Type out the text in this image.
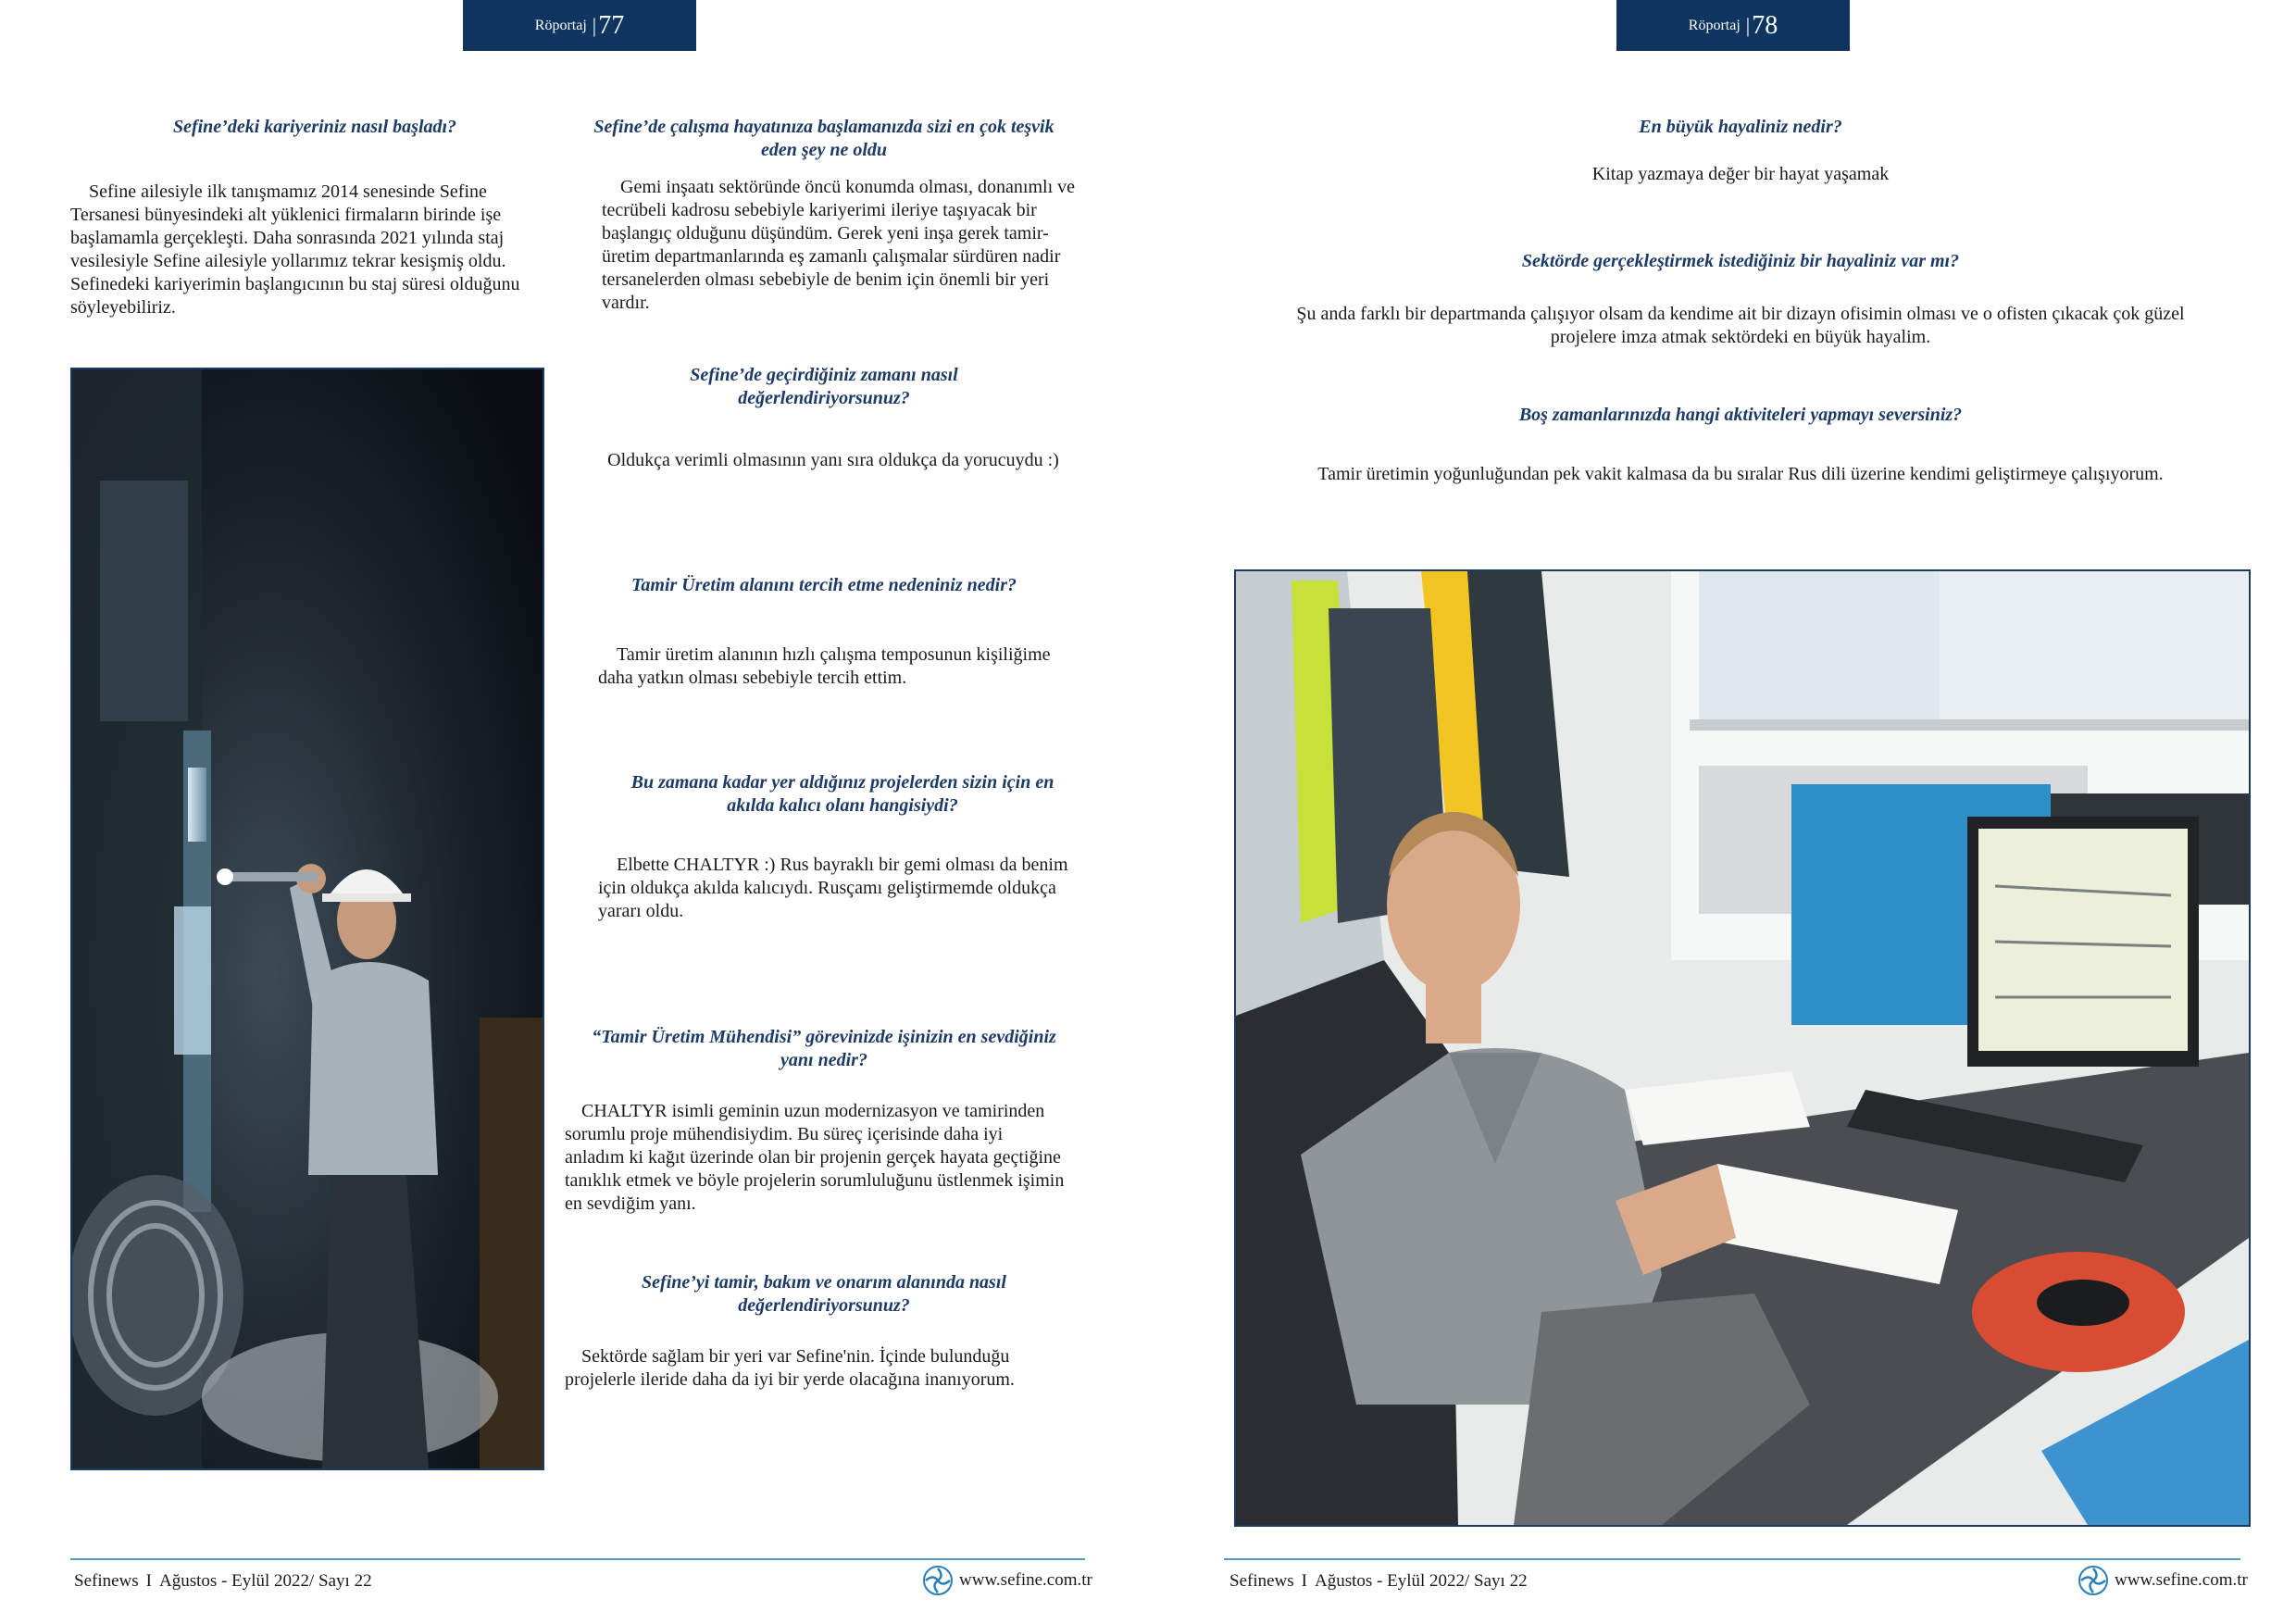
Röportaj | 77

Sefine’deki kariyeriniz nasıl başladı?

Sefine ailesiyle ilk tanışmamız 2014 senesinde Sefine Tersanesi bünyesindeki alt yüklenici firmaların birinde işe başlamamla gerçekleşti. Daha sonrasında 2021 yılında staj vesilesiyle Sefine ailesiyle yollarımız tekrar kesişmiş oldu. Sefinedeki kariyerimin başlangıcının bu staj süresi olduğunu söyleyebiliriz.

Sefine’de çalışma hayatınıza başlamanızda sizi en çok teşvik eden şey ne oldu

Gemi inşaatı sektöründe öncü konumda olması, donanımlı ve tecrübeli kadrosu sebebiyle kariyerimi ileriye taşıyacak bir başlangıç olduğunu düşündüm. Gerek yeni inşa gerek tamir-üretim departmanlarında eş zamanlı çalışmalar sürdüren nadir tersanelerden olması sebebiyle de benim için önemli bir yeri vardır.

Sefine’de geçirdiğiniz zamanı nasıl değerlendiriyorsunuz?

Oldukça verimli olmasının yanı sıra oldukça da yorucuydu :)

Tamir Üretim alanını tercih etme nedeniniz nedir?

Tamir üretim alanının hızlı çalışma temposunun kişiliğime daha yatkın olması sebebiyle tercih ettim.

Bu zamana kadar yer aldığınız projelerden sizin için en akılda kalıcı olanı hangisiydi?

Elbette CHALTYR :) Rus bayraklı bir gemi olması da benim için oldukça akılda kalıcıydı. Rusçamı geliştirmemde oldukça yararı oldu.

“Tamir Üretim Mühendisi” görevinizde işinizin en sevdiğiniz yanı nedir?

CHALTYR isimli geminin uzun modernizasyon ve tamirinden sorumlu proje mühendisiydim. Bu süreç içerisinde daha iyi anladım ki kağıt üzerinde olan bir projenin gerçek hayata geçtiğine tanıklık etmek ve böyle projelerin sorumluluğunu üstlenmek işimin en sevdiğim yanı.

Sefine’yi tamir, bakım ve onarım alanında nasıl değerlendiriyorsunuz?

Sektörde sağlam bir yeri var Sefine'nin. İçinde bulunduğu projelerle ileride daha da iyi bir yerde olacağına inanıyorum.

Sefinews I Ağustos - Eylül 2022/ Sayı 22	www.sefine.com.tr
Röportaj | 78

En büyük hayaliniz nedir?

Kitap yazmaya değer bir hayat yaşamak

Sektörde gerçekleştirmek istediğiniz bir hayaliniz var mı?

Şu anda farklı bir departmanda çalışıyor olsam da kendime ait bir dizayn ofisimin olması ve o ofisten çıkacak çok güzel projelere imza atmak sektördeki en büyük hayalim.

Boş zamanlarınızda hangi aktiviteleri yapmayı seversiniz?

Tamir üretimin yoğunluğundan pek vakit kalmasa da bu sıralar Rus dili üzerine kendimi geliştirmeye çalışıyorum.

Sefinews I Ağustos - Eylül 2022/ Sayı 22	www.sefine.com.tr
